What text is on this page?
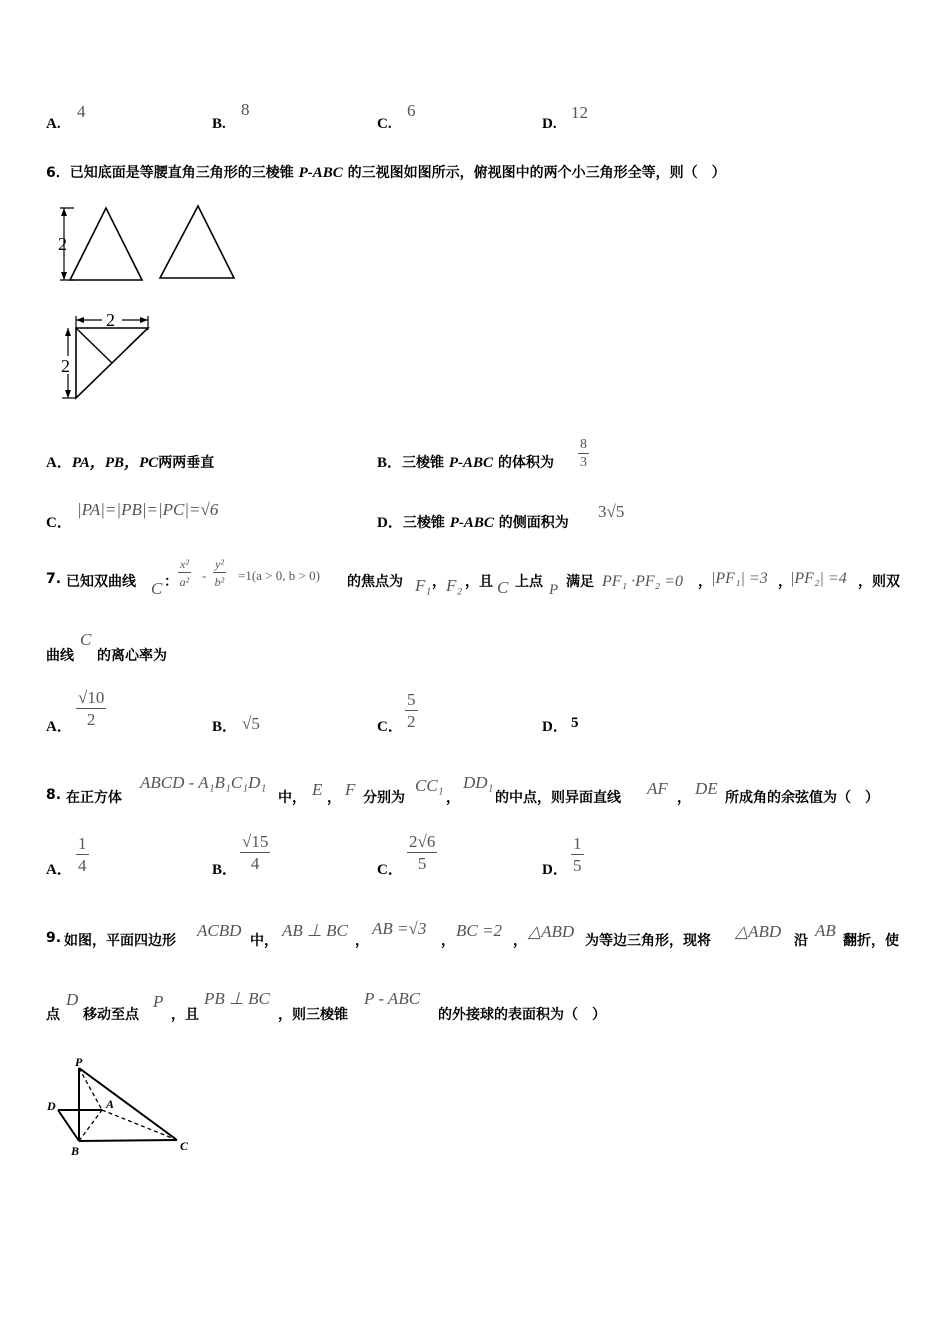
A.
4
B.
8
C.
6
D.
12
6．已知底面是等腰直角三角形的三棱锥 P-ABC 的三视图如图所示，俯视图中的两个小三角形全等，则（　）
2
2
2
A．PA，PB，PC两两垂直	B．三棱锥 P-ABC 的体积为 $\frac{8}{3}$
C．
|PA|=|PB|=|PC|=√6
D．三棱锥 P-ABC 的侧面积为
3√5
7. 已知双曲线 C ： $\frac{\text{x²}}{\text{a²}} - \frac{\text{y²}}{\text{b²}} =1(a > 0$, b > 0) 的焦点为 F₁ ， F₂ ，且 C 上点 P 满足 PF₁ ·PF₂ =0 ， |PF₁| =3 ，
|PF₂| =4 ，则双
曲线
C
的离心率为
A． $\frac{√10}{2}$	B． √5	C． $\frac{5}{2}$	D． 5
8. 在正方体
ABCD - A₁B₁C₁D₁
中， E ， F 分别为
CC₁
，
DD₁
的中点，则异面直线 AF ， DE 所成角的余弦值为（　）
A． $\frac{1}{4}$	B． $\frac{√15}{4}$	C． $\frac{2√6}{5}$	D． $\frac{1}{5}$
9. 如图，平面四边形
ACBD
中，
AB ⊥ BC
，
AB =√3
，
BC =2
， △ABD 为等边三角形，现将 △ABD 沿
AB
翻折，使
点
D
移动至点
P
，且
PB ⊥ BC
，则三棱锥
P - ABC
的外接球的表面积为（　）
P
D	A
B	C
